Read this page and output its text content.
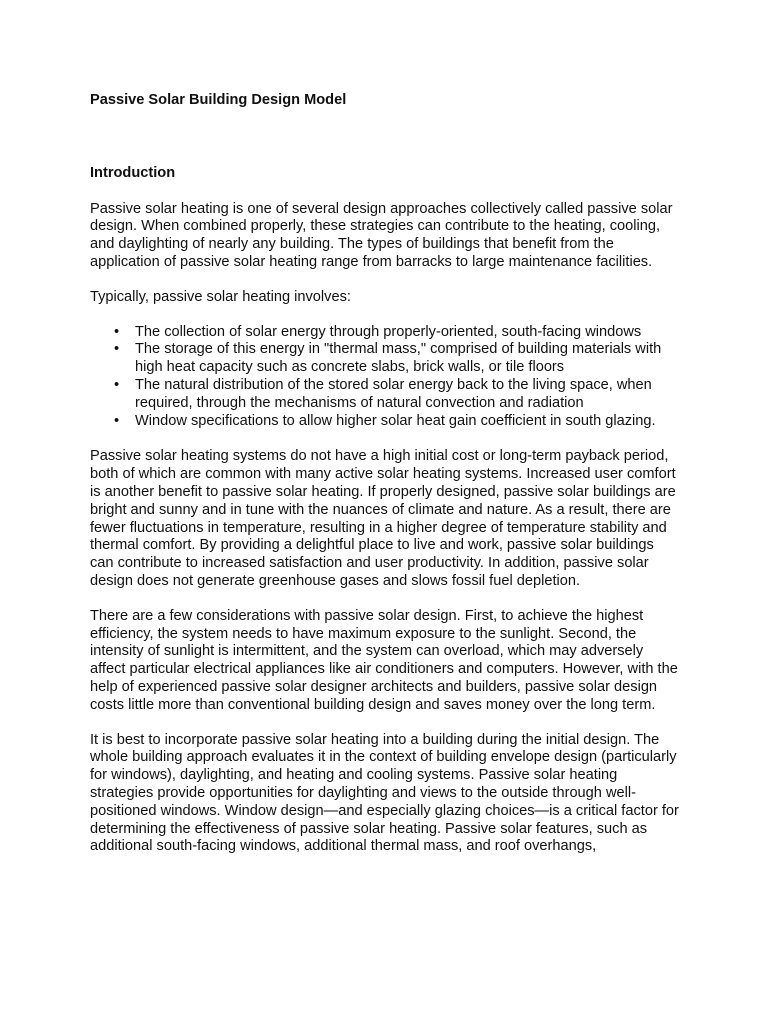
Passive Solar Building Design Model
Introduction

Passive solar heating is one of several design approaches collectively called passive solar design. When combined properly, these strategies can contribute to the heating, cooling, and daylighting of nearly any building. The types of buildings that benefit from the application of passive solar heating range from barracks to large maintenance facilities.

Typically, passive solar heating involves:

• The collection of solar energy through properly-oriented, south-facing windows
• The storage of this energy in "thermal mass," comprised of building materials with high heat capacity such as concrete slabs, brick walls, or tile floors
• The natural distribution of the stored solar energy back to the living space, when required, through the mechanisms of natural convection and radiation
• Window specifications to allow higher solar heat gain coefficient in south glazing.

Passive solar heating systems do not have a high initial cost or long-term payback period, both of which are common with many active solar heating systems. Increased user comfort is another benefit to passive solar heating. If properly designed, passive solar buildings are bright and sunny and in tune with the nuances of climate and nature. As a result, there are fewer fluctuations in temperature, resulting in a higher degree of temperature stability and thermal comfort. By providing a delightful place to live and work, passive solar buildings can contribute to increased satisfaction and user productivity. In addition, passive solar design does not generate greenhouse gases and slows fossil fuel depletion.

There are a few considerations with passive solar design. First, to achieve the highest efficiency, the system needs to have maximum exposure to the sunlight. Second, the intensity of sunlight is intermittent, and the system can overload, which may adversely affect particular electrical appliances like air conditioners and computers. However, with the help of experienced passive solar designer architects and builders, passive solar design costs little more than conventional building design and saves money over the long term.

It is best to incorporate passive solar heating into a building during the initial design. The whole building approach evaluates it in the context of building envelope design (particularly for windows), daylighting, and heating and cooling systems. Passive solar heating strategies provide opportunities for daylighting and views to the outside through well-positioned windows. Window design—and especially glazing choices—is a critical factor for determining the effectiveness of passive solar heating. Passive solar features, such as additional south-facing windows, additional thermal mass, and roof overhangs,
